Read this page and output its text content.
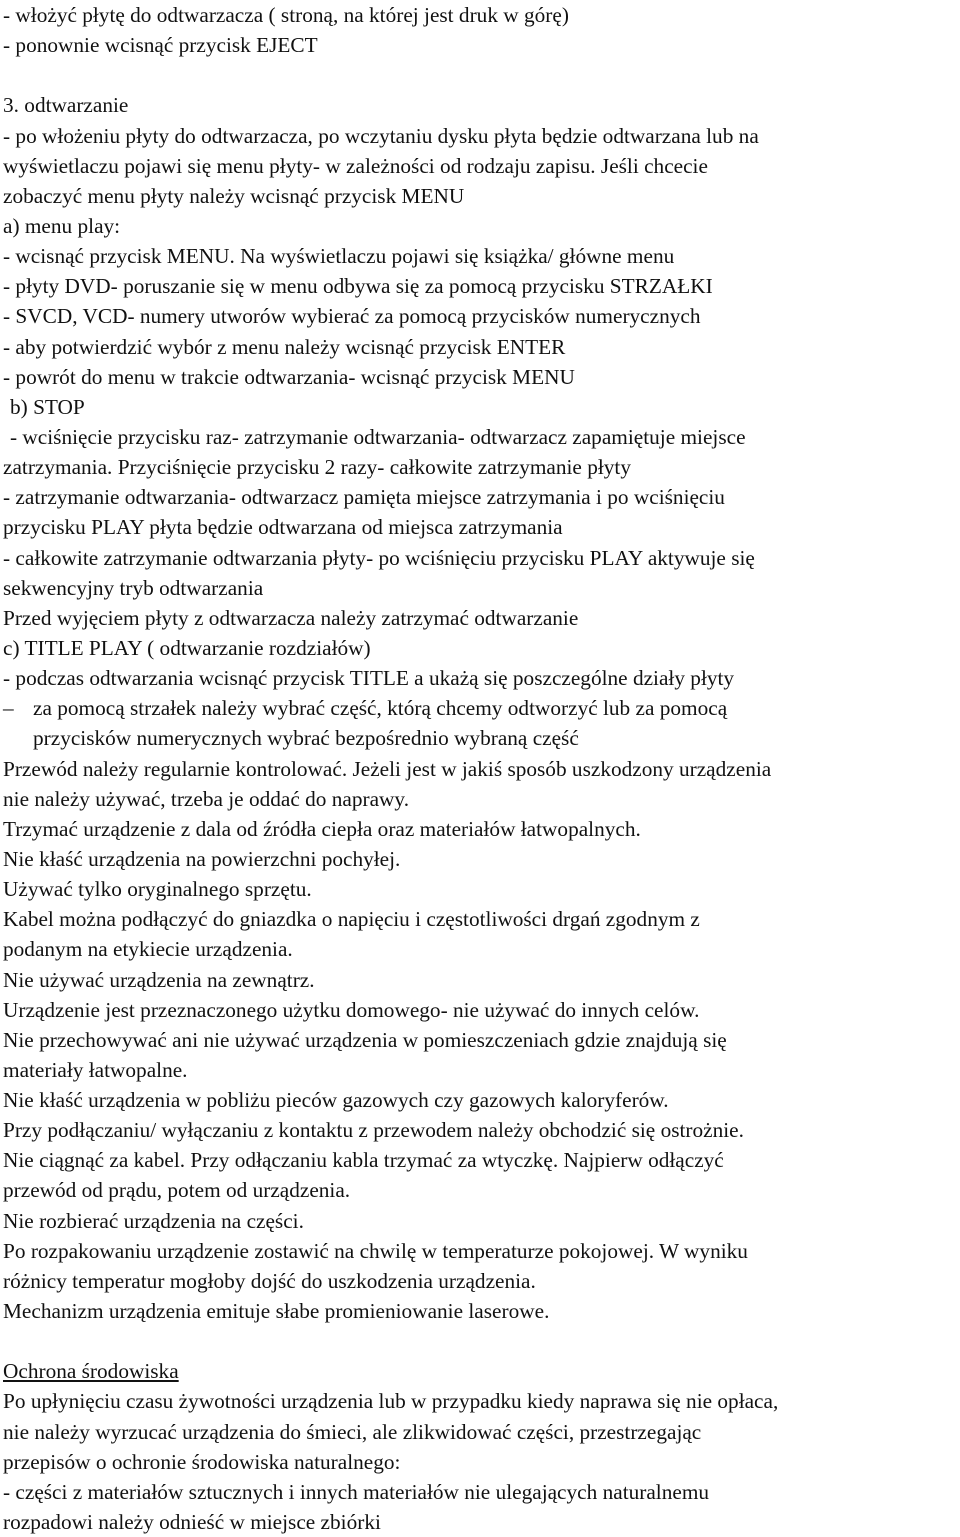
- włożyć płytę do odtwarzacza ( stroną, na której jest druk w górę)
- ponownie wcisnąć przycisk EJECT
3. odtwarzanie
- po włożeniu płyty do odtwarzacza, po wczytaniu dysku płyta będzie odtwarzana lub na
wyświetlaczu pojawi się menu płyty- w zależności od rodzaju zapisu. Jeśli chcecie
zobaczyć menu płyty należy wcisnąć przycisk MENU
a) menu play:
- wcisnąć przycisk MENU. Na wyświetlaczu pojawi się książka/ główne menu
- płyty DVD- poruszanie się w menu odbywa się za pomocą przycisku STRZAŁKI
- SVCD, VCD- numery utworów wybierać za pomocą przycisków numerycznych
- aby potwierdzić wybór z menu należy wcisnąć przycisk ENTER
- powrót do menu w trakcie odtwarzania- wcisnąć przycisk MENU
b) STOP
- wciśnięcie przycisku raz- zatrzymanie odtwarzania- odtwarzacz zapamiętuje miejsce
zatrzymania. Przyciśnięcie przycisku 2 razy- całkowite zatrzymanie płyty
- zatrzymanie odtwarzania- odtwarzacz pamięta miejsce zatrzymania i po wciśnięciu
przycisku PLAY płyta będzie odtwarzana od miejsca zatrzymania
- całkowite zatrzymanie odtwarzania płyty- po wciśnięciu przycisku PLAY aktywuje się
sekwencyjny tryb odtwarzania
Przed wyjęciem płyty z odtwarzacza należy zatrzymać odtwarzanie
c) TITLE PLAY ( odtwarzanie rozdziałów)
- podczas odtwarzania wcisnąć przycisk TITLE a ukażą się poszczególne działy płyty
– za pomocą strzałek należy wybrać część, którą chcemy odtworzyć lub za pomocą
przycisków numerycznych wybrać bezpośrednio wybraną część
Przewód należy regularnie kontrolować. Jeżeli jest w jakiś sposób uszkodzony urządzenia
nie należy używać, trzeba je oddać do naprawy.
Trzymać urządzenie z dala od źródła ciepła oraz materiałów łatwopalnych.
Nie kłaść urządzenia na powierzchni pochyłej.
Używać tylko oryginalnego sprzętu.
Kabel można podłączyć do gniazdka o napięciu i częstotliwości drgań zgodnym z
podanym na etykiecie urządzenia.
Nie używać urządzenia na zewnątrz.
Urządzenie jest przeznaczonego użytku domowego- nie używać do innych celów.
Nie przechowywać ani nie używać urządzenia w pomieszczeniach gdzie znajdują się
materiały łatwopalne.
Nie kłaść urządzenia w pobliżu pieców gazowych czy gazowych kaloryferów.
Przy podłączaniu/ wyłączaniu z kontaktu z przewodem należy obchodzić się ostrożnie.
Nie ciągnąć za kabel. Przy odłączaniu kabla trzymać za wtyczkę. Najpierw odłączyć
przewód od prądu, potem od urządzenia.
Nie rozbierać urządzenia na części.
Po rozpakowaniu urządzenie zostawić na chwilę w temperaturze pokojowej. W wyniku
różnicy temperatur mogłoby dojść do uszkodzenia urządzenia.
Mechanizm urządzenia emituje słabe promieniowanie laserowe.
Ochrona środowiska
Po upłynięciu czasu żywotności urządzenia lub w przypadku kiedy naprawa się nie opłaca,
nie należy wyrzucać urządzenia do śmieci, ale zlikwidować części, przestrzegając
przepisów o ochronie środowiska naturalnego:
- części z materiałów sztucznych i innych materiałów nie ulegających naturalnemu
rozpadowi należy odnieść w miejsce zbiórki
